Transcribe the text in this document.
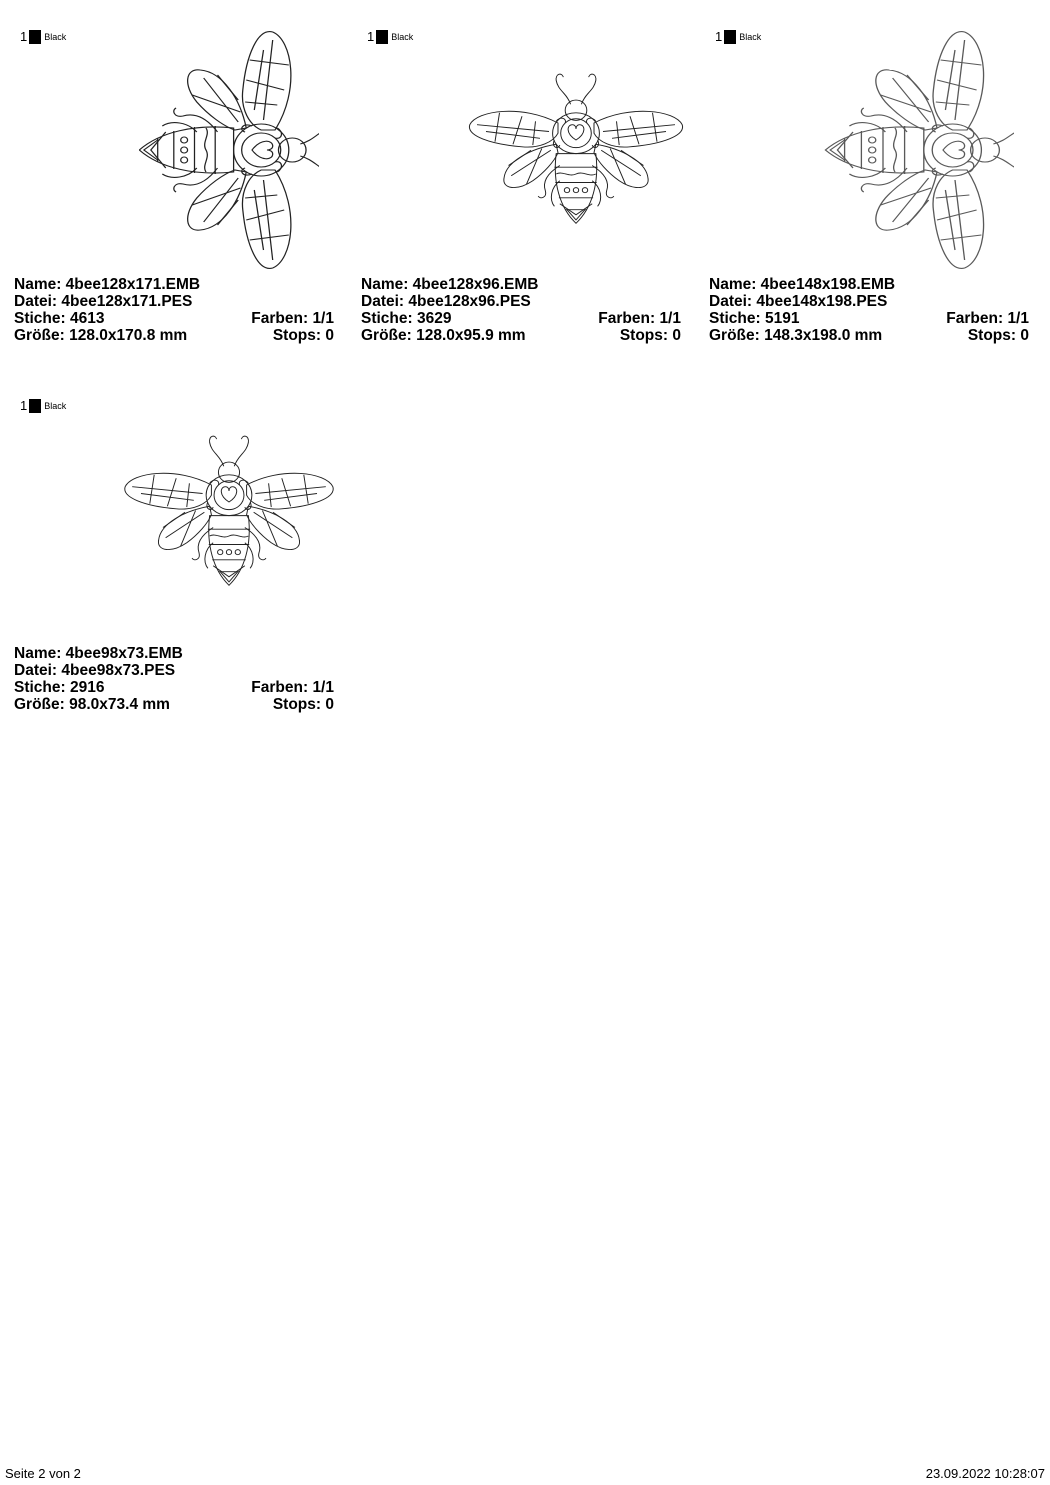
1 Black
Name: 4bee128x171.EMB
Datei: 4bee128x171.PES
Stiche: 4613	Farben: 1/1
Größe: 128.0x170.8 mm	Stops: 0
1 Black
Name: 4bee128x96.EMB
Datei: 4bee128x96.PES
Stiche: 3629	Farben: 1/1
Größe: 128.0x95.9 mm	Stops: 0
1 Black
Name: 4bee148x198.EMB
Datei: 4bee148x198.PES
Stiche: 5191	Farben: 1/1
Größe: 148.3x198.0 mm	Stops: 0
1 Black
Name: 4bee98x73.EMB
Datei: 4bee98x73.PES
Stiche: 2916	Farben: 1/1
Größe: 98.0x73.4 mm	Stops: 0
Seite 2 von 2	23.09.2022 10:28:07
